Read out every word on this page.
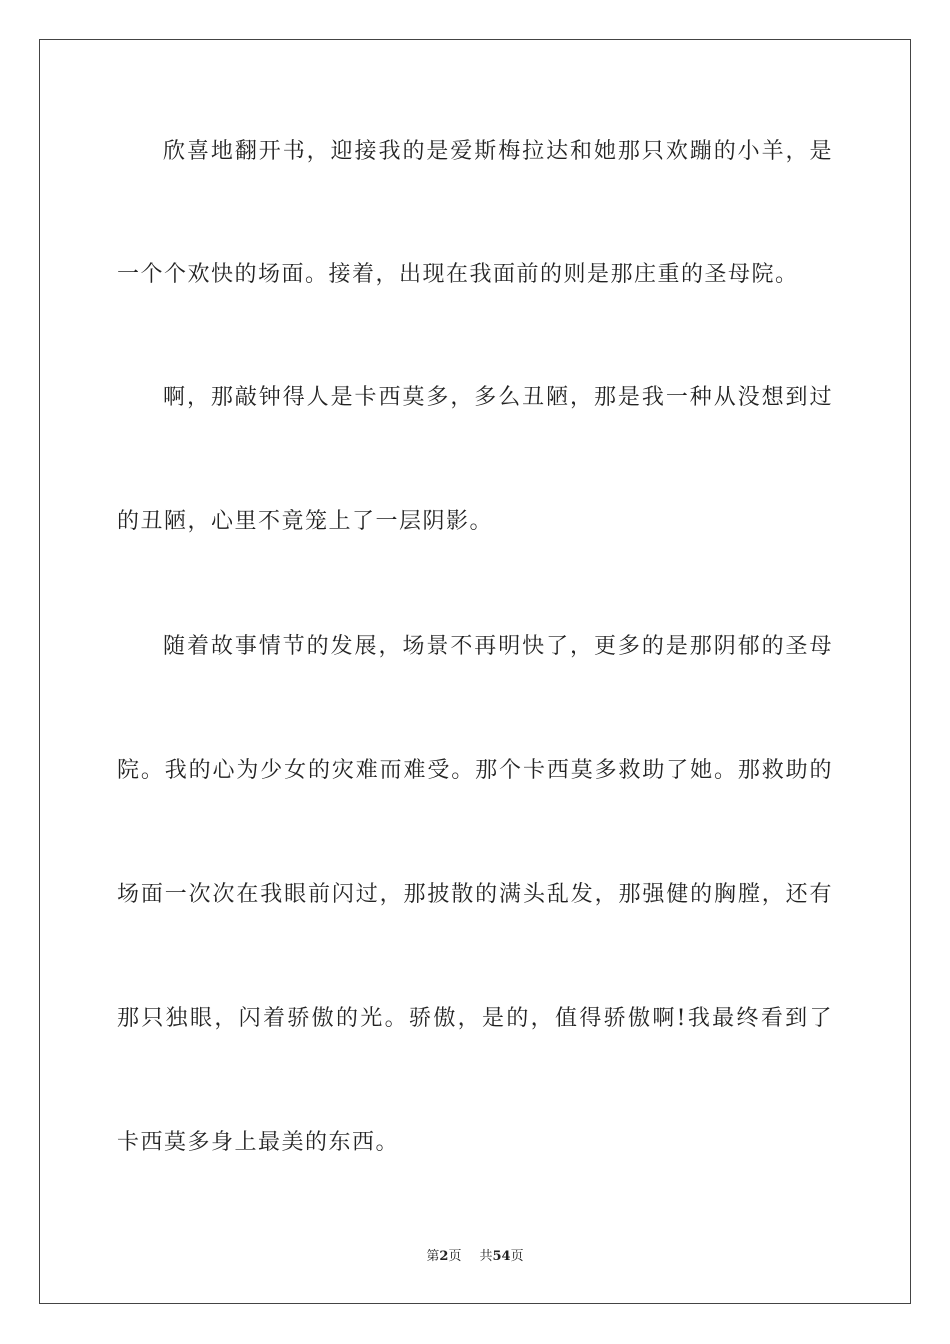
欣喜地翻开书，迎接我的是爱斯梅拉达和她那只欢蹦的小羊，是
一个个欢快的场面。接着，出现在我面前的则是那庄重的圣母院。
啊，那敲钟得人是卡西莫多，多么丑陋，那是我一种从没想到过
的丑陋，心里不竟笼上了一层阴影。
随着故事情节的发展，场景不再明快了，更多的是那阴郁的圣母
院。我的心为少女的灾难而难受。那个卡西莫多救助了她。那救助的
场面一次次在我眼前闪过，那披散的满头乱发，那强健的胸膛，还有
那只独眼，闪着骄傲的光。骄傲，是的，值得骄傲啊!我最终看到了
卡西莫多身上最美的东西。
第2页 共54页
